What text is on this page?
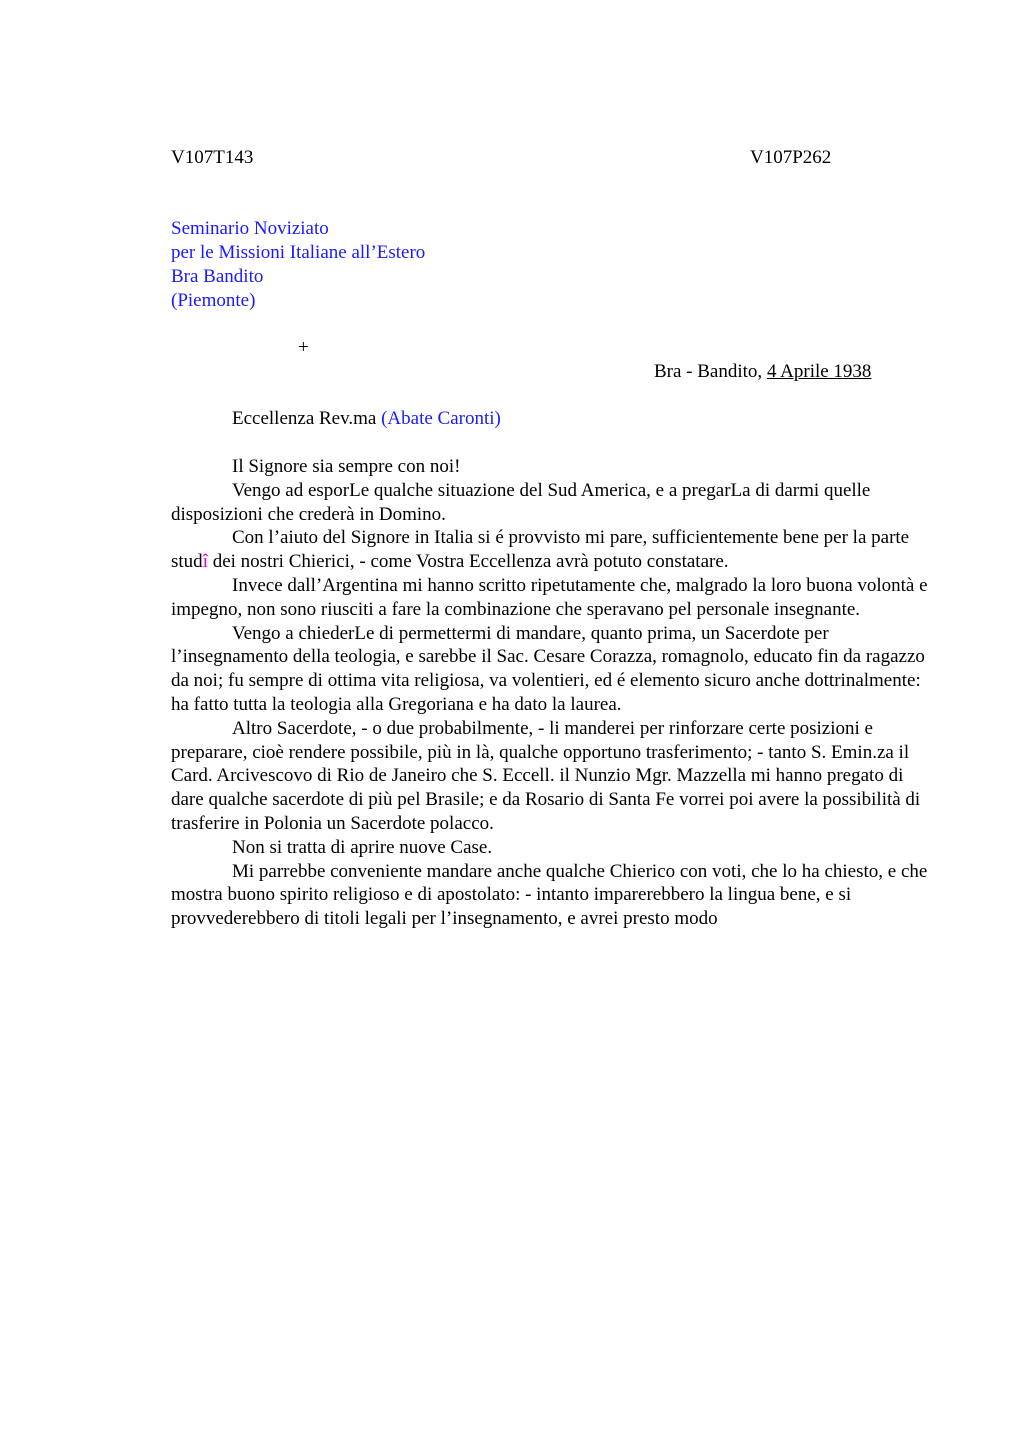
V107T143	V107P262
Seminario Noviziato
per le Missioni Italiane all’Estero
Bra Bandito
(Piemonte)
+
Bra - Bandito, 4 Aprile 1938
Eccellenza Rev.ma (Abate Caronti)

Il Signore sia sempre con noi!

Vengo ad esporLe qualche situazione del Sud America, e a pregarLa di darmi quelle disposizioni che crederà in Domino.

Con l’aiuto del Signore in Italia si é provvisto mi pare, sufficientemente bene per la parte studî dei nostri Chierici, - come Vostra Eccellenza avrà potuto constatare.

Invece dall’Argentina mi hanno scritto ripetutamente che, malgrado la loro buona volontà e impegno, non sono riusciti a fare la combinazione che speravano pel personale insegnante.

Vengo a chiederLe di permettermi di mandare, quanto prima, un Sacerdote per l’insegnamento della teologia, e sarebbe il Sac. Cesare Corazza, romagnolo, educato fin da ragazzo da noi; fu sempre di ottima vita religiosa, va volentieri, ed é elemento sicuro anche dottrinalmente: ha fatto tutta la teologia alla Gregoriana e ha dato la laurea.

Altro Sacerdote, - o due probabilmente, - li manderei per rinforzare certe posizioni e preparare, cioè rendere possibile, più in là, qualche opportuno trasferimento; - tanto S. Emin.za il Card. Arcivescovo di Rio de Janeiro che S. Eccell. il Nunzio Mgr. Mazzella mi hanno pregato di dare qualche sacerdote di più pel Brasile; e da Rosario di Santa Fe vorrei poi avere la possibilità di trasferire in Polonia un Sacerdote polacco.

Non si tratta di aprire nuove Case.

Mi parrebbe conveniente mandare anche qualche Chierico con voti, che lo ha chiesto, e che mostra buono spirito religioso e di apostolato: - intanto imparerebbero la lingua bene, e si provvederebbero di titoli legali per l’insegnamento, e avrei presto modo
